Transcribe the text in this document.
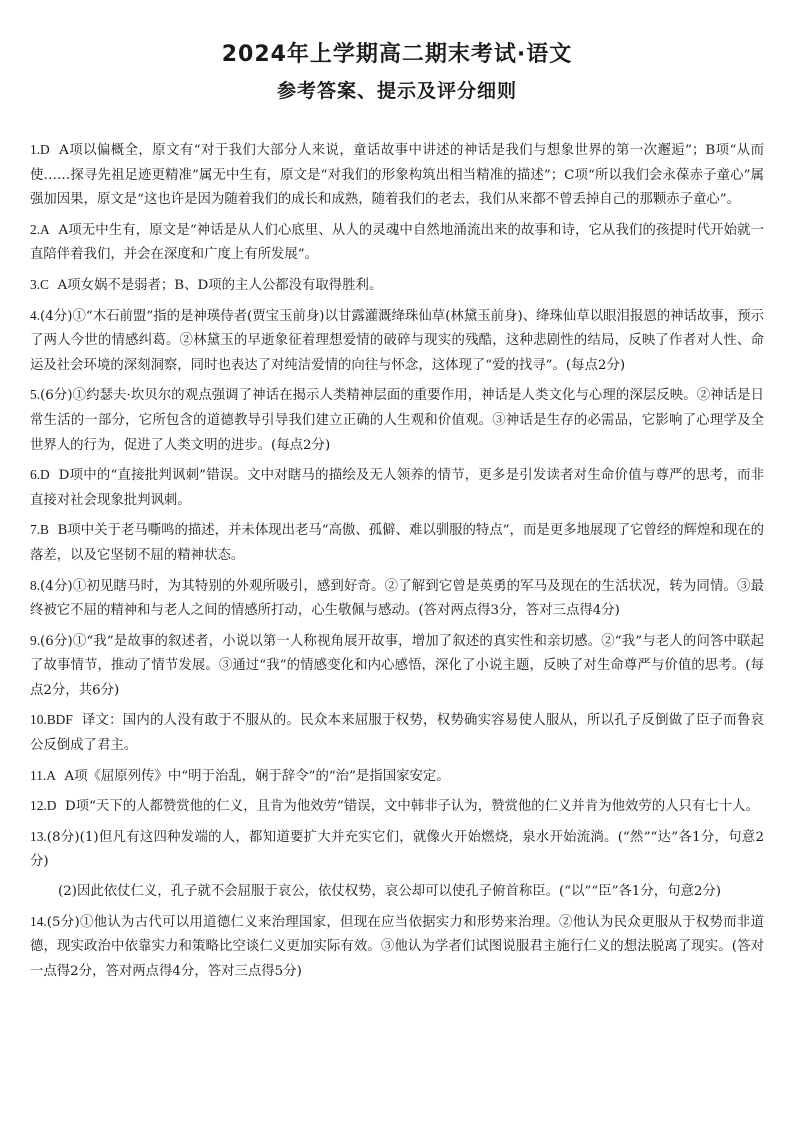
2024年上学期高二期末考试·语文
参考答案、提示及评分细则

1.D A项以偏概全，原文有“对于我们大部分人来说，童话故事中讲述的神话是我们与想象世界的第一次邂逅”；B项“从而使……探寻先祖足迹更精准”属无中生有，原文是“对我们的形象构筑出相当精准的描述”；C项“所以我们会永葆赤子童心”属强加因果，原文是“这也许是因为随着我们的成长和成熟，随着我们的老去，我们从来都不曾丢掉自己的那颗赤子童心”。

2.A A项无中生有，原文是“神话是从人们心底里、从人的灵魂中自然地涌流出来的故事和诗，它从我们的孩提时代开始就一直陪伴着我们，并会在深度和广度上有所发展”。

3.C A项女娲不是弱者；B、D项的主人公都没有取得胜利。

4.(4分)①“木石前盟”指的是神瑛侍者(贾宝玉前身)以甘露灌溉绛珠仙草(林黛玉前身)、绛珠仙草以眼泪报恩的神话故事，预示了两人今世的情感纠葛。②林黛玉的早逝象征着理想爱情的破碎与现实的残酷，这种悲剧性的结局，反映了作者对人性、命运及社会环境的深刻洞察，同时也表达了对纯洁爱情的向往与怀念，这体现了“爱的找寻”。(每点2分)

5.(6分)①约瑟夫·坎贝尔的观点强调了神话在揭示人类精神层面的重要作用，神话是人类文化与心理的深层反映。②神话是日常生活的一部分，它所包含的道德教导引导我们建立正确的人生观和价值观。③神话是生存的必需品，它影响了心理学及全世界人的行为，促进了人类文明的进步。(每点2分)

6.D D项中的“直接批判讽刺”错误。文中对瞎马的描绘及无人领养的情节，更多是引发读者对生命价值与尊严的思考，而非直接对社会现象批判讽刺。

7.B B项中关于老马嘶鸣的描述，并未体现出老马“高傲、孤僻、难以驯服的特点”，而是更多地展现了它曾经的辉煌和现在的落差，以及它坚韧不屈的精神状态。

8.(4分)①初见瞎马时，为其特别的外观所吸引，感到好奇。②了解到它曾是英勇的军马及现在的生活状况，转为同情。③最终被它不屈的精神和与老人之间的情感所打动，心生敬佩与感动。(答对两点得3分，答对三点得4分)

9.(6分)①“我”是故事的叙述者，小说以第一人称视角展开故事，增加了叙述的真实性和亲切感。②“我”与老人的问答中联起了故事情节，推动了情节发展。③通过“我”的情感变化和内心感悟，深化了小说主题，反映了对生命尊严与价值的思考。(每点2分，共6分)

10.BDF 译文：国内的人没有敢于不服从的。民众本来屈服于权势，权势确实容易使人服从，所以孔子反倒做了臣子而鲁哀公反倒成了君主。

11.A A项《屈原列传》中“明于治乱，娴于辞令”的“治”是指国家安定。

12.D D项“天下的人都赞赏他的仁义，且肯为他效劳”错误，文中韩非子认为，赞赏他的仁义并肯为他效劳的人只有七十人。

13.(8分)(1)但凡有这四种发端的人，都知道要扩大并充实它们，就像火开始燃烧，泉水开始流淌。(“然”“达”各1分，句意2分)

(2)因此依仗仁义，孔子就不会屈服于哀公，依仗权势，哀公却可以使孔子俯首称臣。(“以”“臣”各1分，句意2分)

14.(5分)①他认为古代可以用道德仁义来治理国家，但现在应当依据实力和形势来治理。②他认为民众更服从于权势而非道德，现实政治中依靠实力和策略比空谈仁义更加实际有效。③他认为学者们试图说服君主施行仁义的想法脱离了现实。(答对一点得2分，答对两点得4分，答对三点得5分)
